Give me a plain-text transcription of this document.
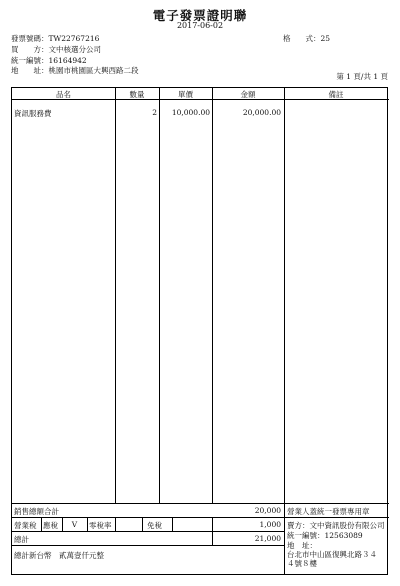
電子發票證明聯
2017-06-02
發票號碼：TW22767216	格　　式：25
買　　方：文中核選分公司
統一編號：16164942
地　　址：桃園市桃園區大興西路二段
第 1 頁/共 1 頁
品名	數量	單價	金額	備註
資訊服務費	2	10,000.00	20,000.00
銷售總額合計	20,000
營業稅 應稅	V	零稅率	免稅	1,000
總計	21,000
總計新台幣　貳萬壹仟元整
營業人蓋統一發票專用章
賣方：文中資訊股份有限公司
統一編號：12563089
地　址：
台北市中山區復興北路３４４號８樓
